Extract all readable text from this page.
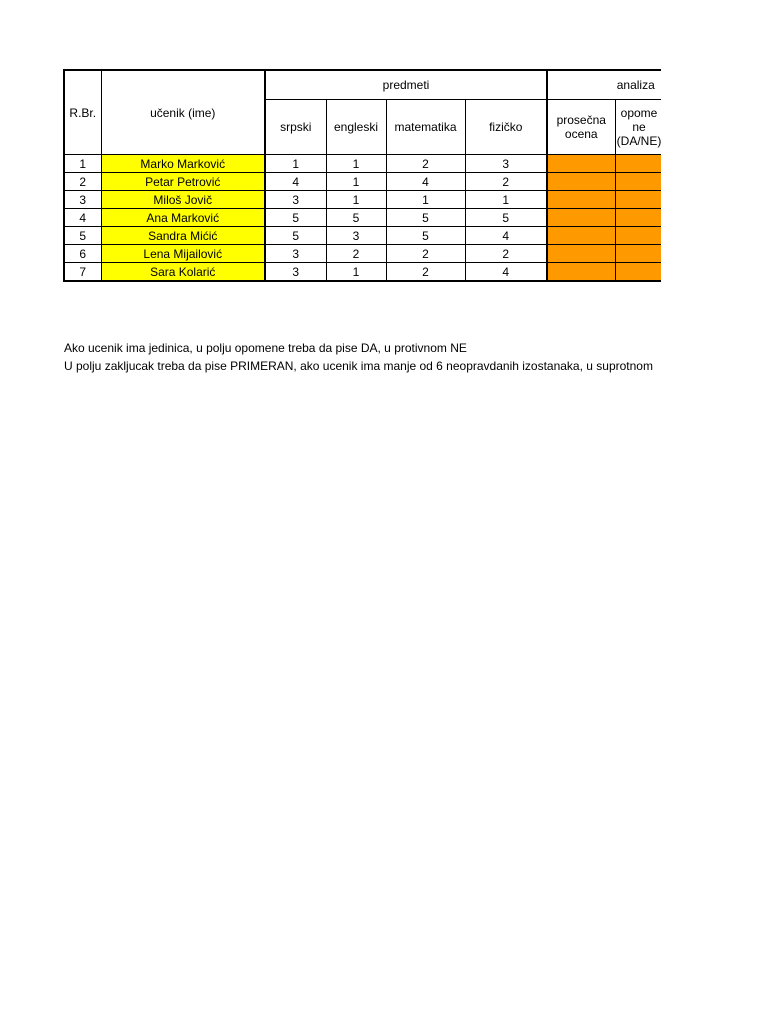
R.Br.	učenik (ime)	predmeti				analiza		
		srpski	engleski	matematika	fizičko	prosečna ocena	opome ne (DA/NE)	
1	Marko Marković	1	1	2	3			
2	Petar Petrović	4	1	4	2			
3	Miloš Jovič	3	1	1	1			
4	Ana Marković	5	5	5	5			
5	Sandra Mićić	5	3	5	4			
6	Lena Mijailović	3	2	2	2			
7	Sara Kolarić	3	1	2	4			
Ako ucenik ima jedinica, u polju opomene treba da pise DA, u protivnom NE
U polju zakljucak treba da pise PRIMERAN, ako ucenik ima manje od 6 neopravdanih izostanaka, u suprotnom
